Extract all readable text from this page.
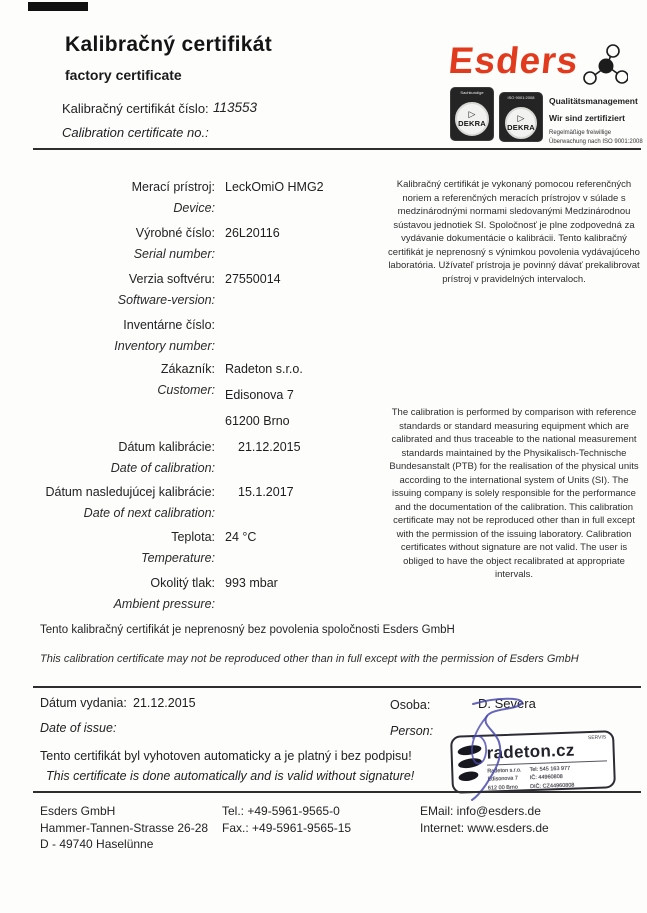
Kalibračný certifikát
factory certificate
Kalibračný certifikát číslo: 113553
Calibration certificate no.:
Esders
Sachkundige
▷
DEKRA
ISO 9001:2008
▷
DEKRA
Qualitätsmanagement
Wir sind zertifiziert
Regelmäßige freiwillige
Überwachung nach ISO 9001:2008
Merací prístroj: LeckOmiO HMG2
Device:
Výrobné číslo: 26L20116
Serial number:
Verzia softvéru: 27550014
Software-version:
Inventárne číslo:
Inventory number:
Zákazník:
Customer:
Radeton s.r.o.
Edisonova 7
61200 Brno
Dátum kalibrácie: 21.12.2015
Date of calibration:
Dátum nasledujúcej kalibrácie: 15.1.2017
Date of next calibration:
Teplota: 24 °C
Temperature:
Okolitý tlak: 993 mbar
Ambient pressure:
Kalibračný certifikát je vykonaný pomocou referenčných noriem a referenčných meracích prístrojov v súlade s medzinárodnými normami sledovanými Medzinárodnou sústavou jednotiek SI. Spoločnosť je plne zodpovedná za vydávanie dokumentácie o kalibrácii. Tento kalibračný certifikát je neprenosný s výnimkou povolenia vydávajúceho laboratória. Užívateľ prístroja je povinný dávať prekalibrovat prístroj v pravidelných intervaloch.
The calibration is performed by comparison with reference standards or standard measuring equipment which are calibrated and thus traceable to the national measurement standards maintained by the Physikalisch-Technische Bundesanstalt (PTB) for the realisation of the physical units according to the international system of Units (SI). The issuing company is solely responsible for the performance and the documentation of the calibration. This calibration certificate may not be reproduced other than in full except with the permission of the issuing laboratory. Calibration certificates without signature are not valid. The user is obliged to have the object recalibrated at appropriate intervals.
Tento kalibračný certifikát je neprenosný bez povolenia spoločnosti Esders GmbH
This calibration certificate may not be reproduced other than in full except with the permission of Esders GmbH
Dátum vydania: 21.12.2015
Date of issue:
Osoba:
Person:
D. Severa
Tento certifikát byl vyhotoven automaticky a je platný i bez podpisu!
This certificate is done automatically and is valid without signature!
SERVIS
radeton.cz
Radeton s.r.o.
Edisonova 7
612 00 Brno
Tel: 545 163 977
IČ: 44960808
DIČ: CZ44960808
Esders GmbH
Hammer-Tannen-Strasse 26-28
D - 49740 Haselünne
Tel.: +49-5961-9565-0
Fax.: +49-5961-9565-15
EMail: info@esders.de
Internet: www.esders.de
